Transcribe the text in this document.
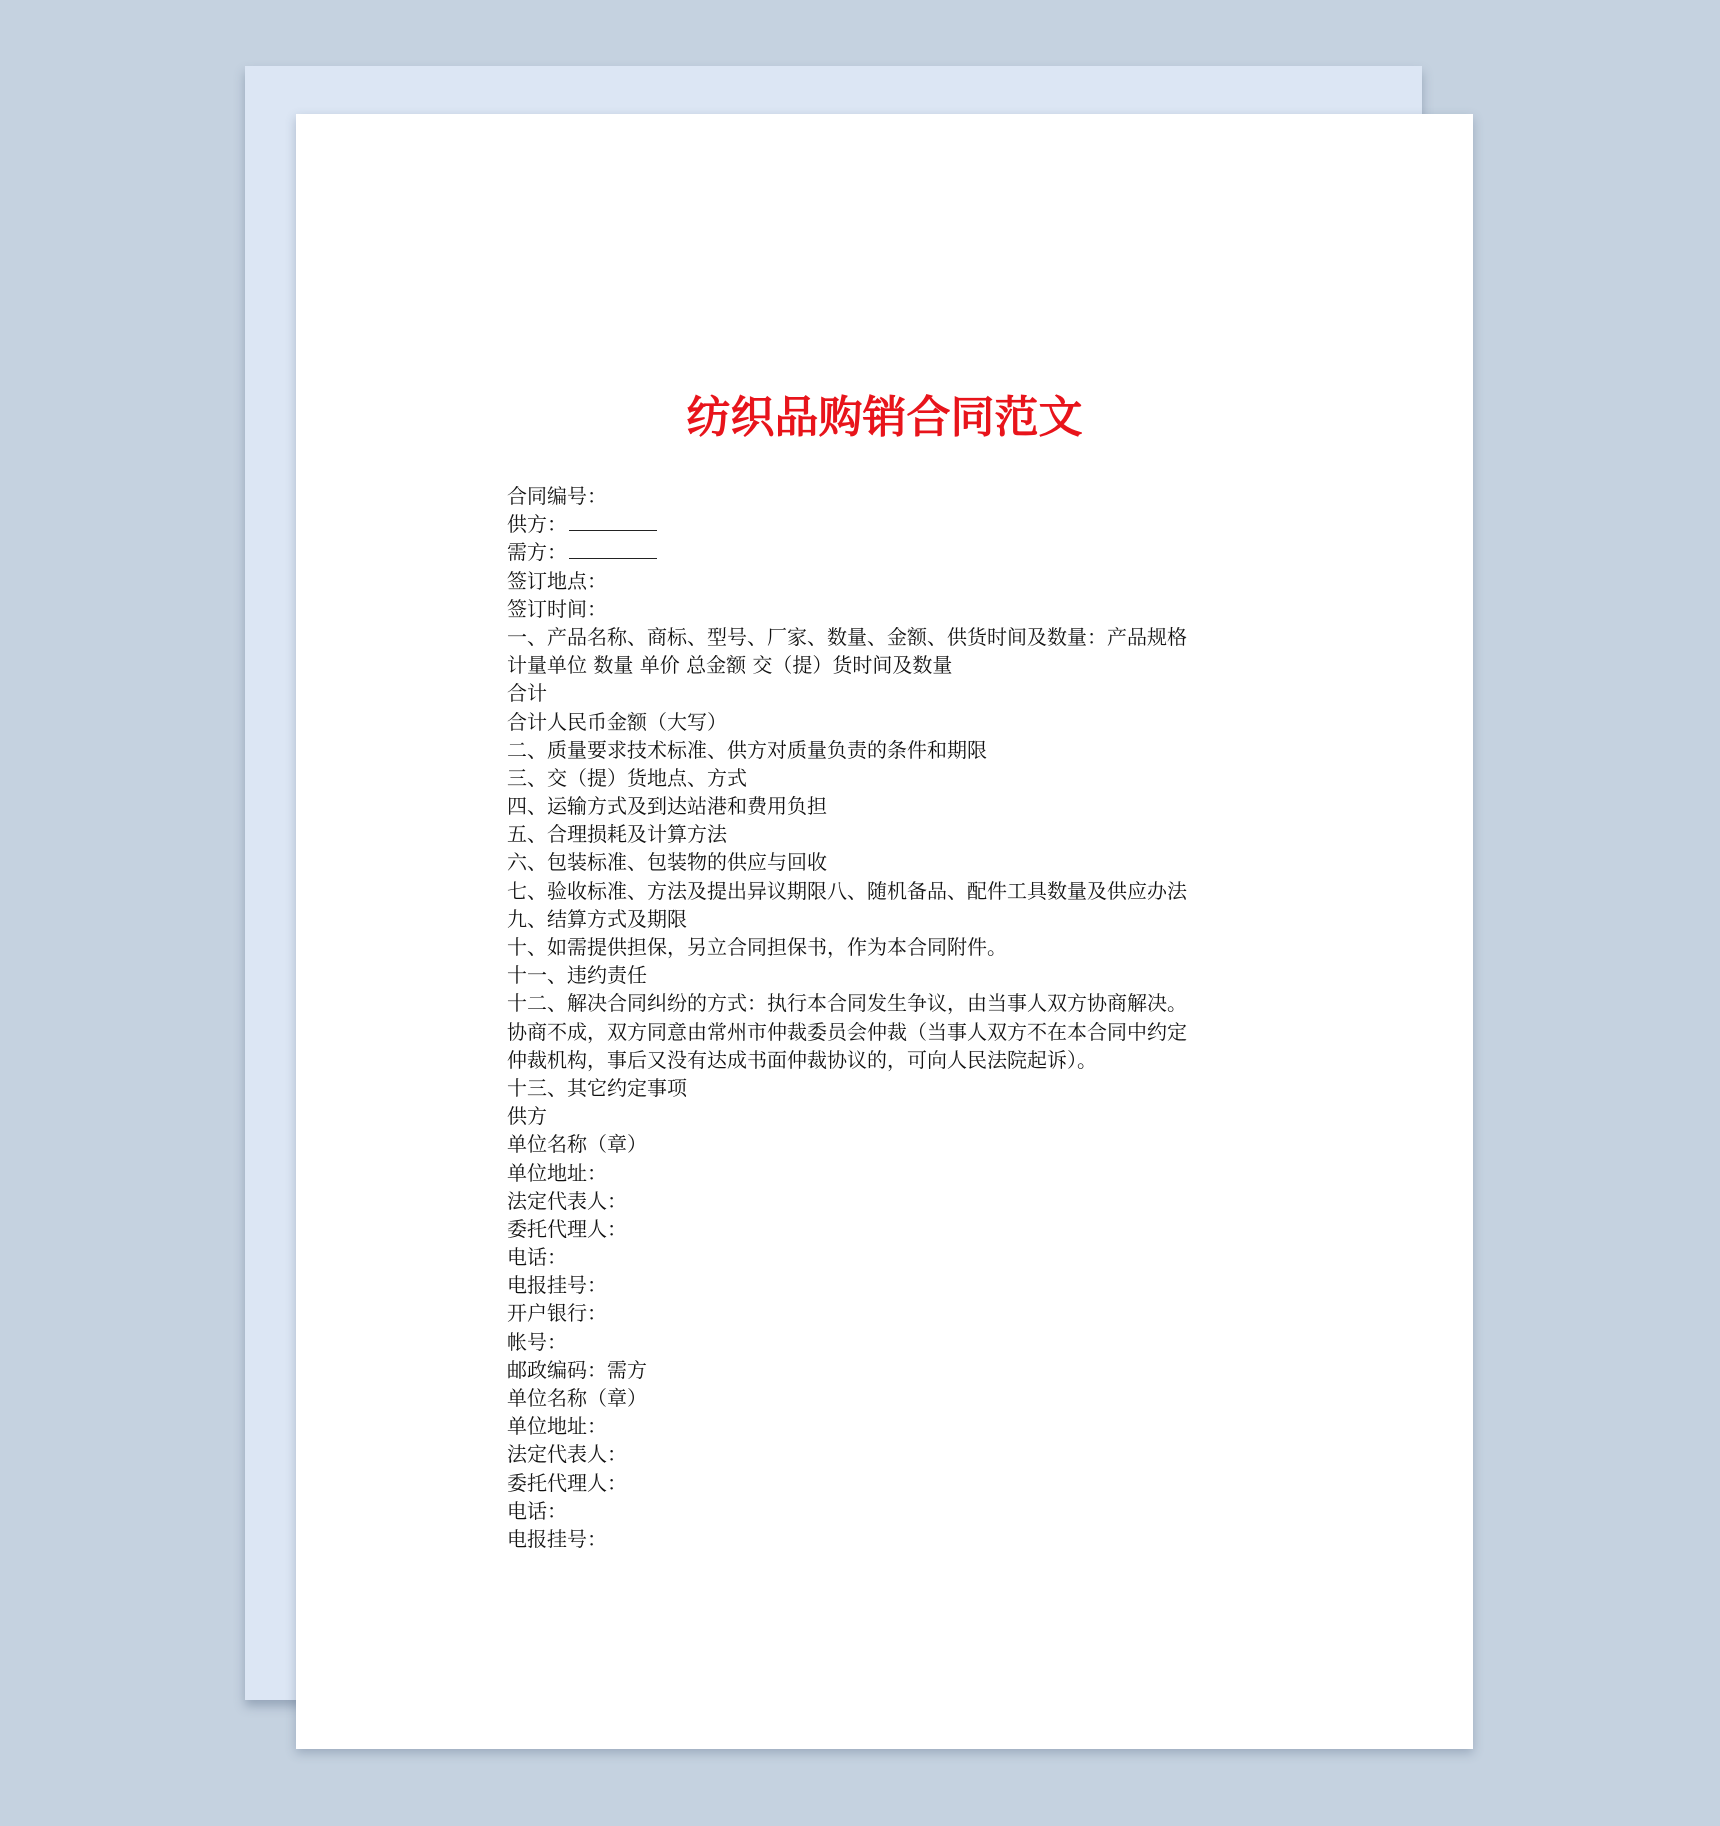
纺织品购销合同范文
合同编号：
供方：
需方：
签订地点：
签订时间：
一、产品名称、商标、型号、厂家、数量、金额、供货时间及数量：产品规格
计量单位 数量 单价 总金额 交（提）货时间及数量
合计
合计人民币金额（大写）
二、质量要求技术标准、供方对质量负责的条件和期限
三、交（提）货地点、方式
四、运输方式及到达站港和费用负担
五、合理损耗及计算方法
六、包装标准、包装物的供应与回收
七、验收标准、方法及提出异议期限八、随机备品、配件工具数量及供应办法
九、结算方式及期限
十、如需提供担保，另立合同担保书，作为本合同附件。
十一、违约责任
十二、解决合同纠纷的方式：执行本合同发生争议，由当事人双方协商解决。
协商不成，双方同意由常州市仲裁委员会仲裁（当事人双方不在本合同中约定
仲裁机构，事后又没有达成书面仲裁协议的，可向人民法院起诉）。
十三、其它约定事项
供方
单位名称（章）
单位地址：
法定代表人：
委托代理人：
电话：
电报挂号：
开户银行：
帐号：
邮政编码：需方
单位名称（章）
单位地址：
法定代表人：
委托代理人：
电话：
电报挂号：
